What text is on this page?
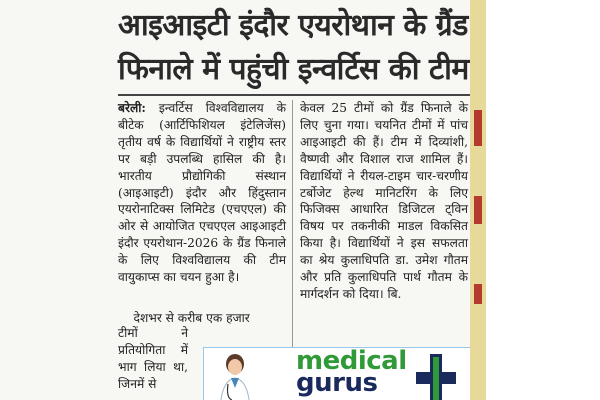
आइआइटी इंदौर एयरोथान के ग्रैंड
फिनाले में पहुंची इन्वर्टिस की टीम

बरेली: इन्वर्टिस विश्वविद्यालय के बीटेक (आर्टिफिशियल इंटेलिजेंस) तृतीय वर्ष के विद्यार्थियों ने राष्ट्रीय स्तर पर बड़ी उपलब्धि हासिल की है। भारतीय प्रौद्योगिकी संस्थान (आइआइटी) इंदौर और हिंदुस्तान एयरोनाटिक्स लिमिटेड (एचएएल) की ओर से आयोजित एचएएल आइआइटी इंदौर एयरोथान-2026 के ग्रैंड फिनाले के लिए विश्वविद्यालय की टीम वायुकाप्स का चयन हुआ है।

देशभर से करीब एक हजार

टीमों ने प्रतियोगिता में भाग लिया था, जिनमें से

केवल 25 टीमों को ग्रैंड फिनाले के लिए चुना गया। चयनित टीमों में पांच आइआइटी की हैं। टीम में दिव्यांशी, वैष्णवी और विशाल राज शामिल हैं। विद्यार्थियों ने रीयल-टाइम चार-चरणीय टर्बोजेट हेल्थ मानिटरिंग के लिए फिजिक्स आधारित डिजिटल ट्विन विषय पर तकनीकी माडल विकसित किया है। विद्यार्थियों ने इस सफलता का श्रेय कुलाधिपति डा. उमेश गौतम और प्रति कुलाधिपति पार्थ गौतम के मार्गदर्शन को दिया। बि.

medical
gurus
